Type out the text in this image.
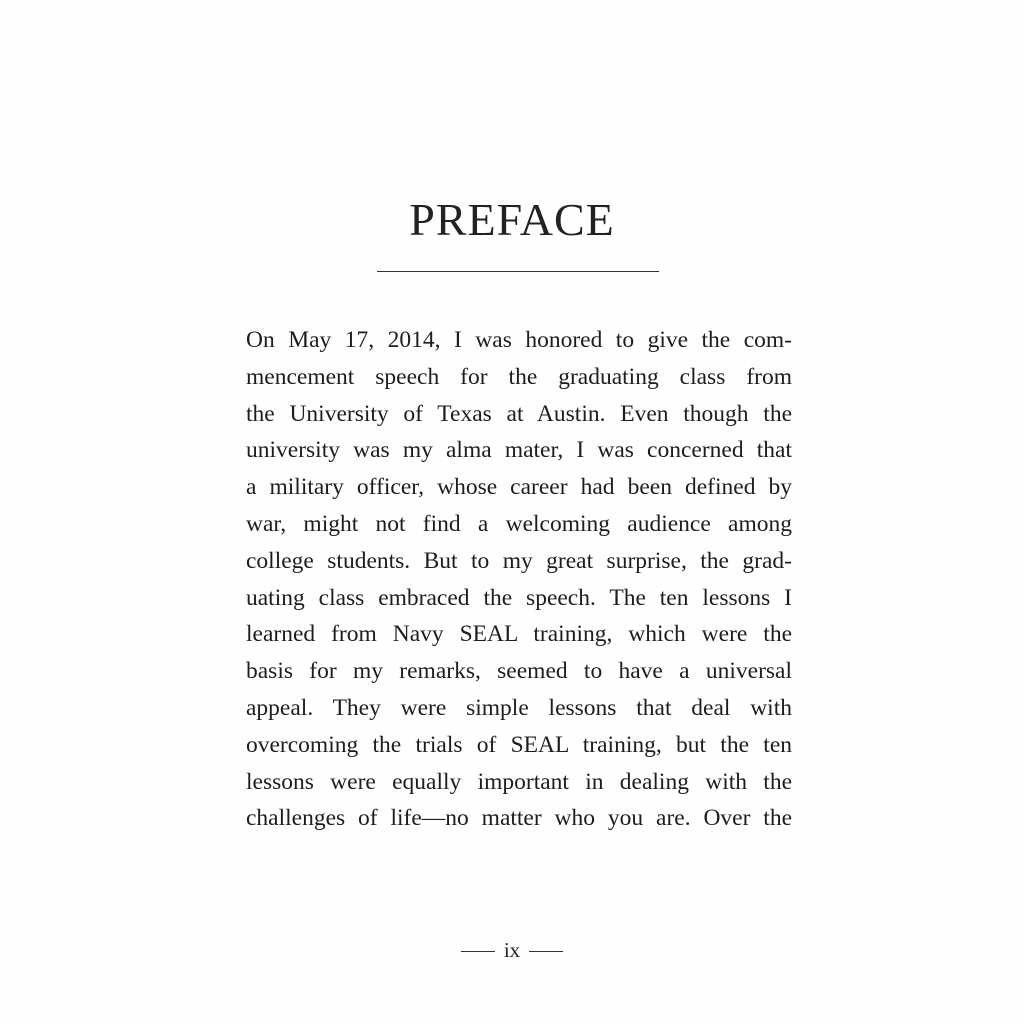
PREFACE
On May 17, 2014, I was honored to give the com-
mencement speech for the graduating class from
the University of Texas at Austin. Even though the
university was my alma mater, I was concerned that
a military officer, whose career had been defined by
war, might not find a welcoming audience among
college students. But to my great surprise, the grad-
uating class embraced the speech. The ten lessons I
learned from Navy SEAL training, which were the
basis for my remarks, seemed to have a universal
appeal. They were simple lessons that deal with
overcoming the trials of SEAL training, but the ten
lessons were equally important in dealing with the
challenges of life—no matter who you are. Over the
ix
